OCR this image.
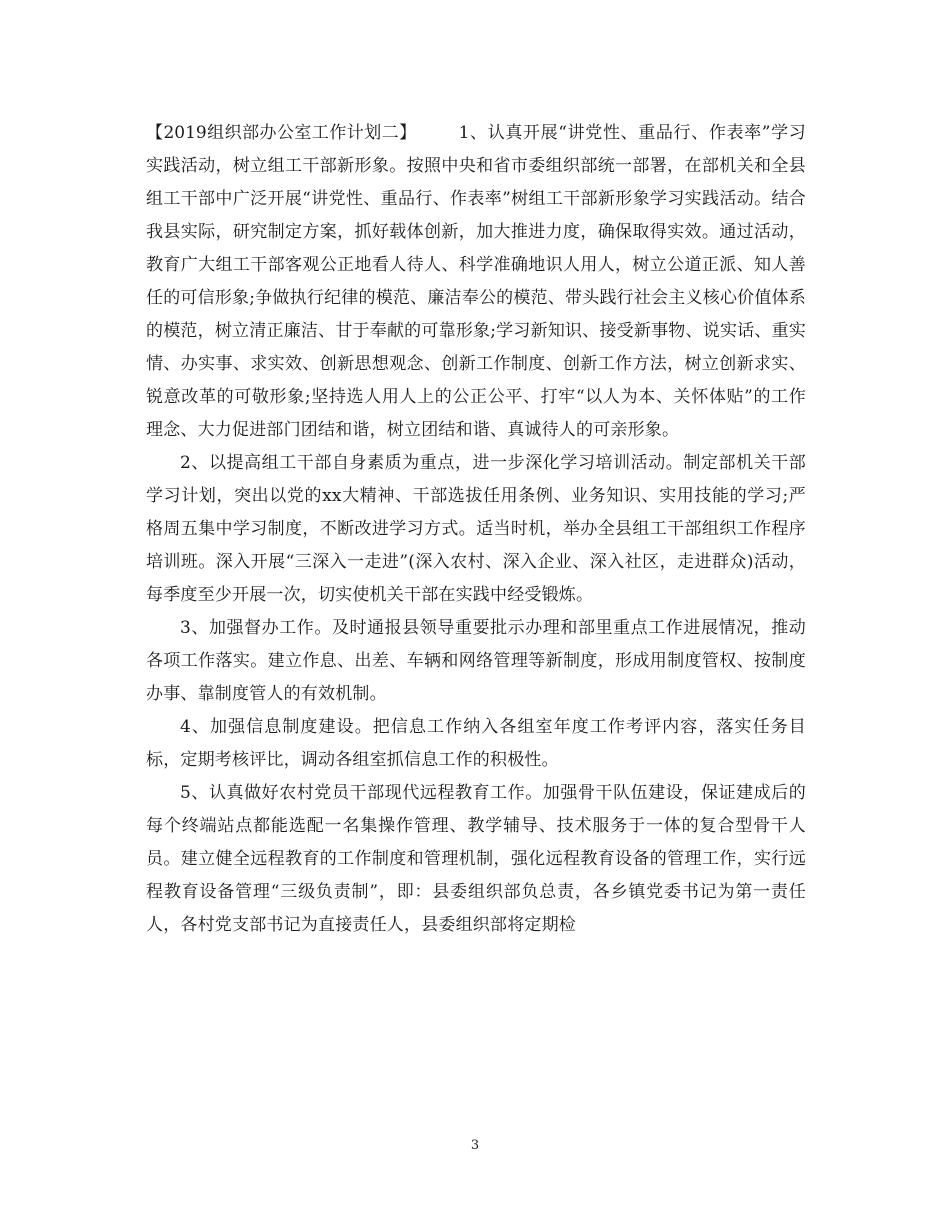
【2019组织部办公室工作计划二】 1、认真开展“讲党性、重品行、作表率”学习实践活动，树立组工干部新形象。按照中央和省市委组织部统一部署，在部机关和全县组工干部中广泛开展“讲党性、重品行、作表率”树组工干部新形象学习实践活动。结合我县实际，研究制定方案，抓好载体创新，加大推进力度，确保取得实效。通过活动，教育广大组工干部客观公正地看人待人、科学准确地识人用人，树立公道正派、知人善任的可信形象;争做执行纪律的模范、廉洁奉公的模范、带头践行社会主义核心价值体系的模范，树立清正廉洁、甘于奉献的可靠形象;学习新知识、接受新事物、说实话、重实情、办实事、求实效、创新思想观念、创新工作制度、创新工作方法，树立创新求实、锐意改革的可敬形象;坚持选人用人上的公正公平、打牢“以人为本、关怀体贴”的工作理念、大力促进部门团结和谐，树立团结和谐、真诚待人的可亲形象。

2、以提高组工干部自身素质为重点，进一步深化学习培训活动。制定部机关干部学习计划，突出以党的xx大精神、干部选拔任用条例、业务知识、实用技能的学习;严格周五集中学习制度，不断改进学习方式。适当时机，举办全县组工干部组织工作程序培训班。深入开展“三深入一走进”(深入农村、深入企业、深入社区，走进群众)活动，每季度至少开展一次，切实使机关干部在实践中经受锻炼。

3、加强督办工作。及时通报县领导重要批示办理和部里重点工作进展情况，推动各项工作落实。建立作息、出差、车辆和网络管理等新制度，形成用制度管权、按制度办事、靠制度管人的有效机制。

4、加强信息制度建设。把信息工作纳入各组室年度工作考评内容，落实任务目标，定期考核评比，调动各组室抓信息工作的积极性。

5、认真做好农村党员干部现代远程教育工作。加强骨干队伍建设，保证建成后的每个终端站点都能选配一名集操作管理、教学辅导、技术服务于一体的复合型骨干人员。建立健全远程教育的工作制度和管理机制，强化远程教育设备的管理工作，实行远程教育设备管理“三级负责制”，即：县委组织部负总责，各乡镇党委书记为第一责任人，各村党支部书记为直接责任人，县委组织部将定期检

3
